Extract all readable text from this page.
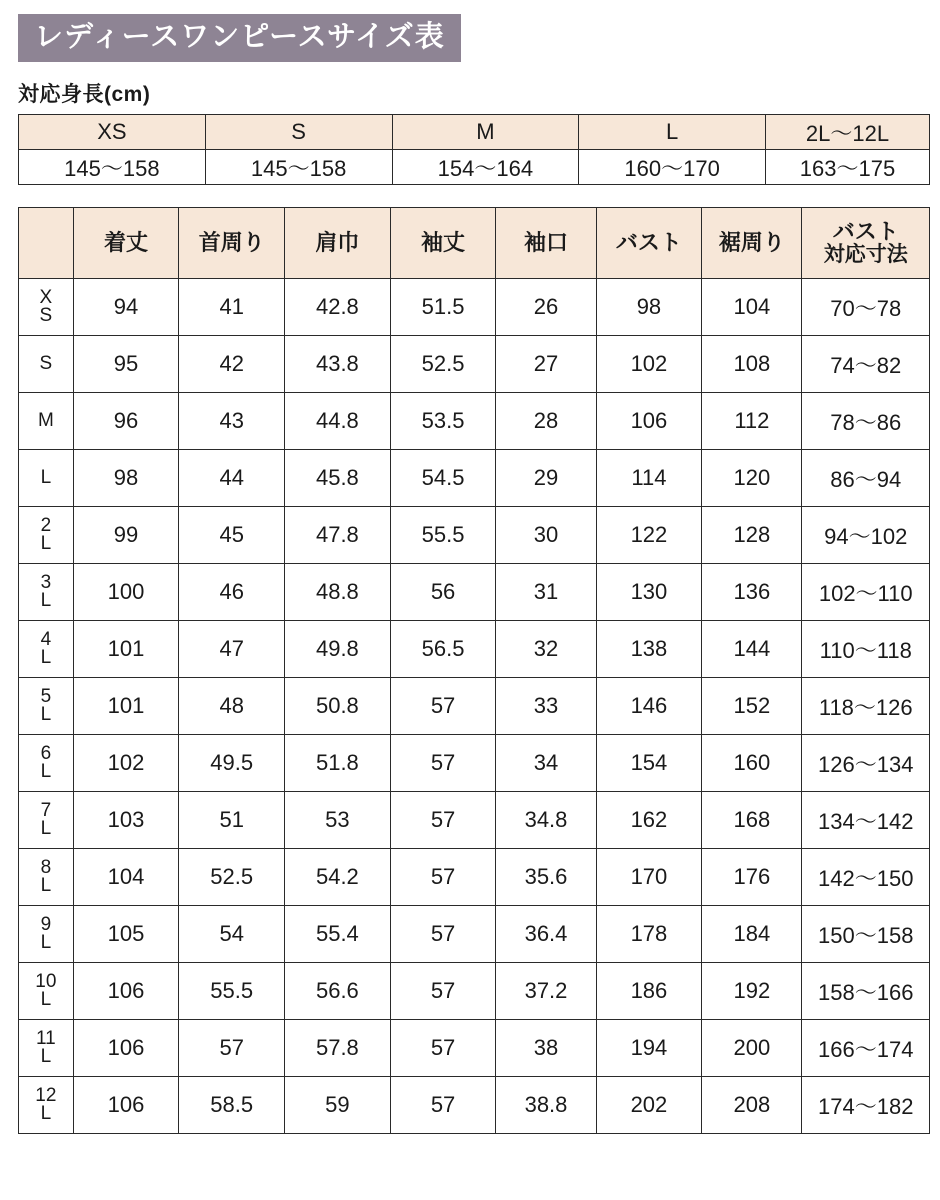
レディースワンピースサイズ表
対応身長(cm)
XS	S	M	L	2L〜12L
145〜158	145〜158	154〜164	160〜170	163〜175
	着丈	首周り	肩巾	袖丈	袖口	バスト	裾周り	バスト
対応寸法

X
S	94	41	42.8	51.5	26	98	104	70〜78

S	95	42	43.8	52.5	27	102	108	74〜82

M	96	43	44.8	53.5	28	106	112	78〜86

L	98	44	45.8	54.5	29	114	120	86〜94

2
L	99	45	47.8	55.5	30	122	128	94〜102

3
L	100	46	48.8	56	31	130	136	102〜110

4
L	101	47	49.8	56.5	32	138	144	110〜118

5
L	101	48	50.8	57	33	146	152	118〜126

6
L	102	49.5	51.8	57	34	154	160	126〜134

7
L	103	51	53	57	34.8	162	168	134〜142

8
L	104	52.5	54.2	57	35.6	170	176	142〜150

9
L	105	54	55.4	57	36.4	178	184	150〜158

10
L	106	55.5	56.6	57	37.2	186	192	158〜166

11
L	106	57	57.8	57	38	194	200	166〜174

12
L	106	58.5	59	57	38.8	202	208	174〜182
